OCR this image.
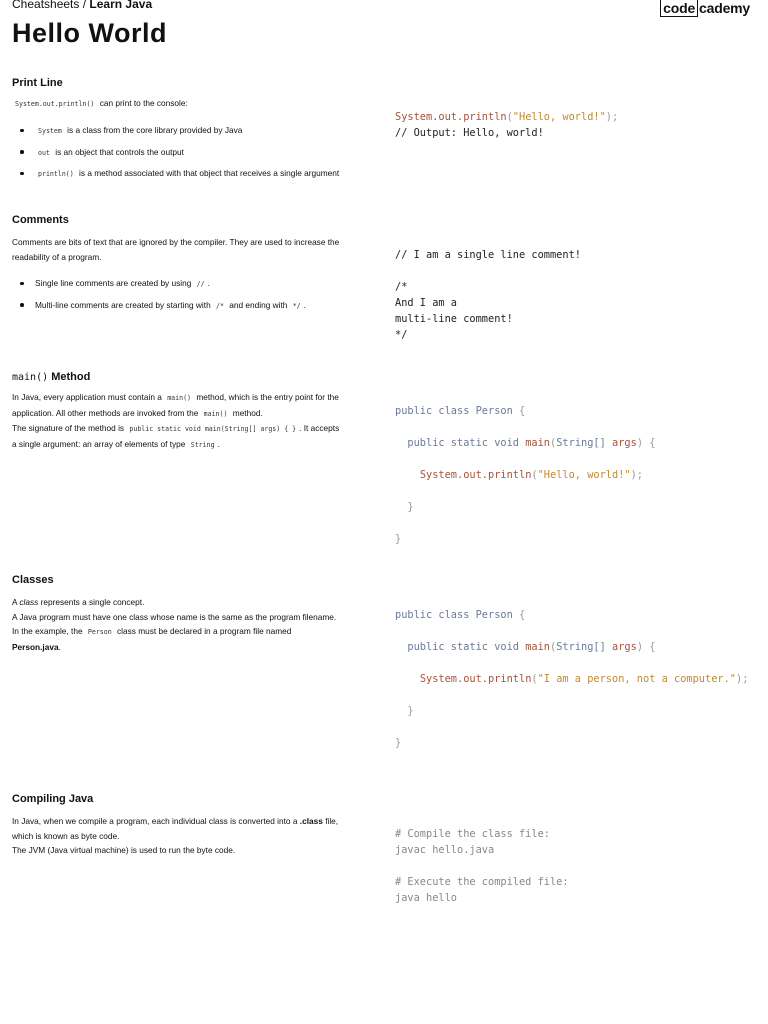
Cheatsheets / Learn Java	code cademy
Hello World
Print Line

System.out.println() can print to the console:

System is a class from the core library provided by Java
out is an object that controls the output
println() is a method associated with that object that receives a single argument
System.out.println("Hello, world!");
// Output: Hello, world!
Comments

Comments are bits of text that are ignored by the compiler. They are used to increase the readability of a program.

Single line comments are created by using // .
Multi-line comments are created by starting with /* and ending with */ .
// I am a single line comment!

/*
And I am a
multi-line comment!
*/
main() Method

In Java, every application must contain a main() method, which is the entry point for the application. All other methods are invoked from the main() method.

The signature of the method is public static void main(String[] args) { } . It accepts a single argument: an array of elements of type String .

public class Person {

public static void main(String[] args) {

System.out.println("Hello, world!");

}

}
Classes

A class represents a single concept.

A Java program must have one class whose name is the same as the program filename.

In the example, the Person class must be declared in a program file named Person.java.

public class Person {

public static void main(String[] args) {

System.out.println("I am a person, not a computer.");

}

}
Compiling Java

In Java, when we compile a program, each individual class is converted into a .class file, which is known as byte code.

The JVM (Java virtual machine) is used to run the byte code.

# Compile the class file:
javac hello.java

# Execute the compiled file:
java hello
